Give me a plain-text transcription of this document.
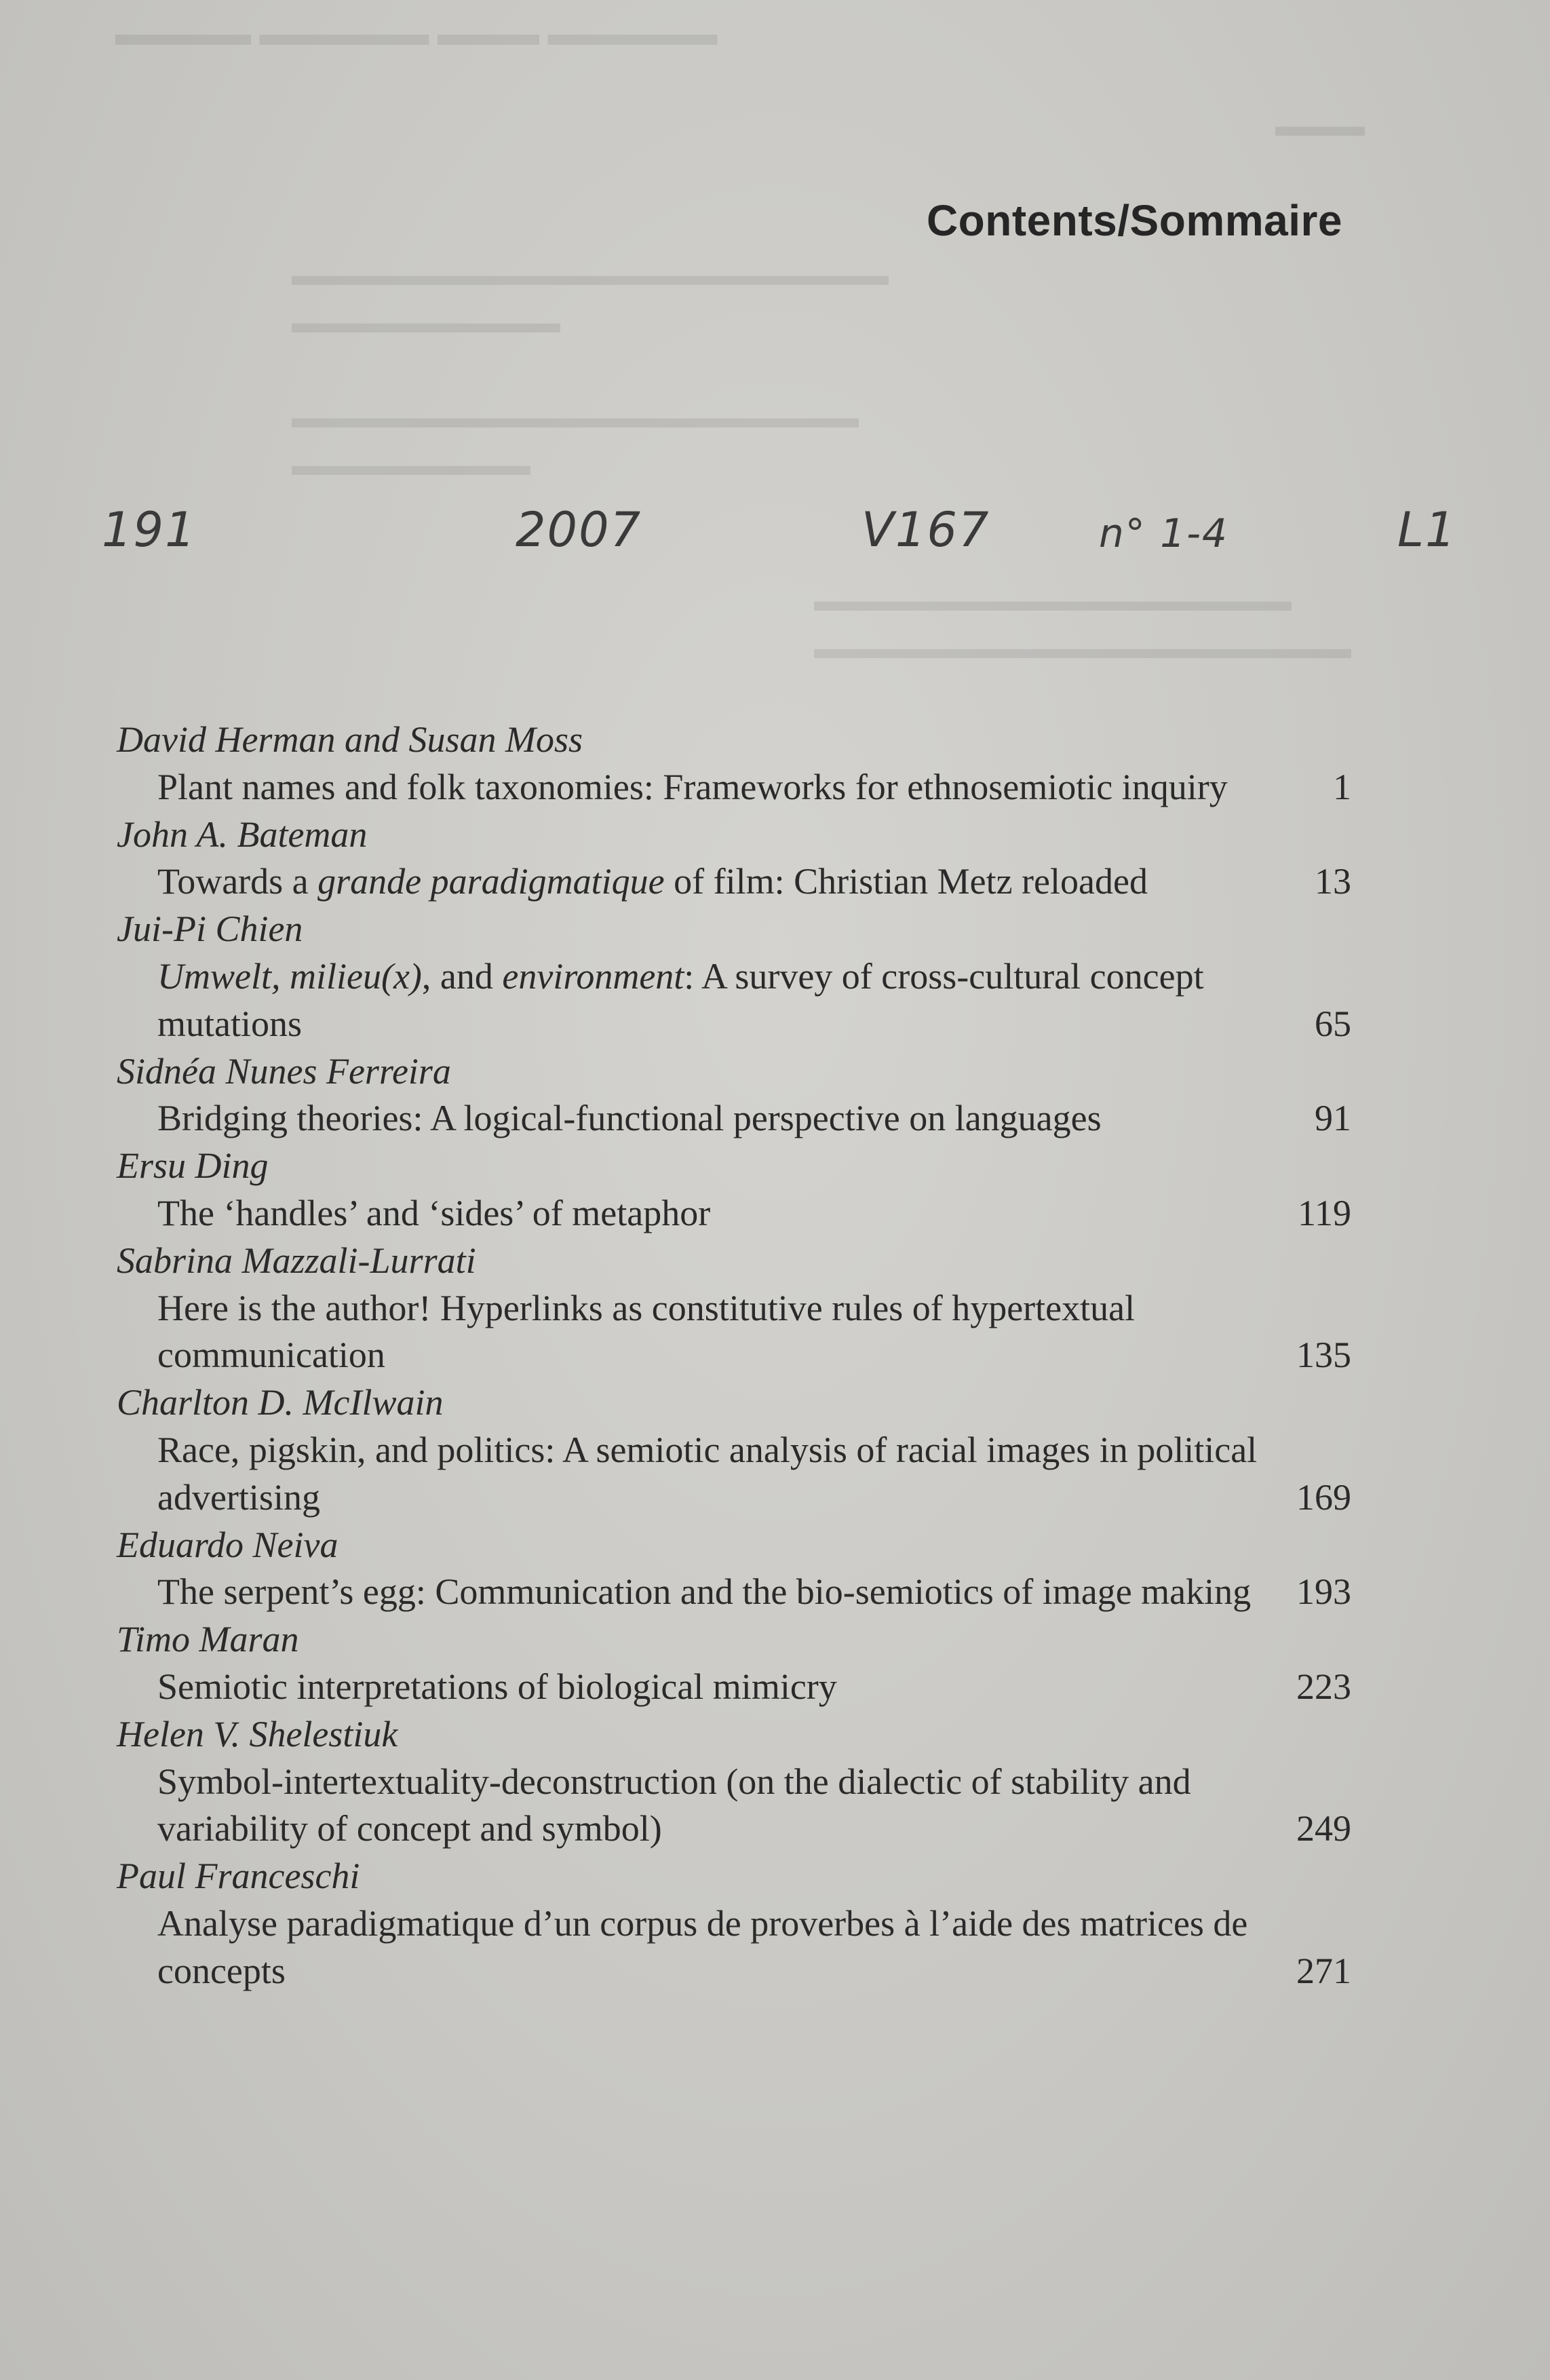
▬▬▬▬ ▬▬▬▬▬ ▬▬▬ ▬▬▬▬▬
▬▬▬
▬▬▬▬▬▬▬▬▬▬▬▬▬▬▬▬▬▬▬▬
▬▬▬▬▬▬▬▬▬
▬▬▬▬▬▬▬▬▬▬▬▬▬▬▬▬▬▬▬
▬▬▬▬▬▬▬▬
▬▬▬▬▬▬▬▬▬▬▬▬▬▬▬▬
▬▬▬▬▬▬▬▬▬▬▬▬▬▬▬▬▬▬
Contents/Sommaire
191	2007	V167	n° 1-4	L1
David Herman and Susan Moss
Plant names and folk taxonomies: Frameworks for ethnosemiotic inquiry	1
John A. Bateman
Towards a grande paradigmatique of film: Christian Metz reloaded	13
Jui-Pi Chien
Umwelt, milieu(x), and environment: A survey of cross-cultural concept mutations	65
Sidnéa Nunes Ferreira
Bridging theories: A logical-functional perspective on languages	91
Ersu Ding
The ‘handles’ and ‘sides’ of metaphor	119
Sabrina Mazzali-Lurrati
Here is the author! Hyperlinks as constitutive rules of hypertextual communication	135
Charlton D. McIlwain
Race, pigskin, and politics: A semiotic analysis of racial images in political advertising	169
Eduardo Neiva
The serpent’s egg: Communication and the bio-semiotics of image making	193
Timo Maran
Semiotic interpretations of biological mimicry	223
Helen V. Shelestiuk
Symbol-intertextuality-deconstruction (on the dialectic of stability and variability of concept and symbol)	249
Paul Franceschi
Analyse paradigmatique d’un corpus de proverbes à l’aide des matrices de concepts	271
